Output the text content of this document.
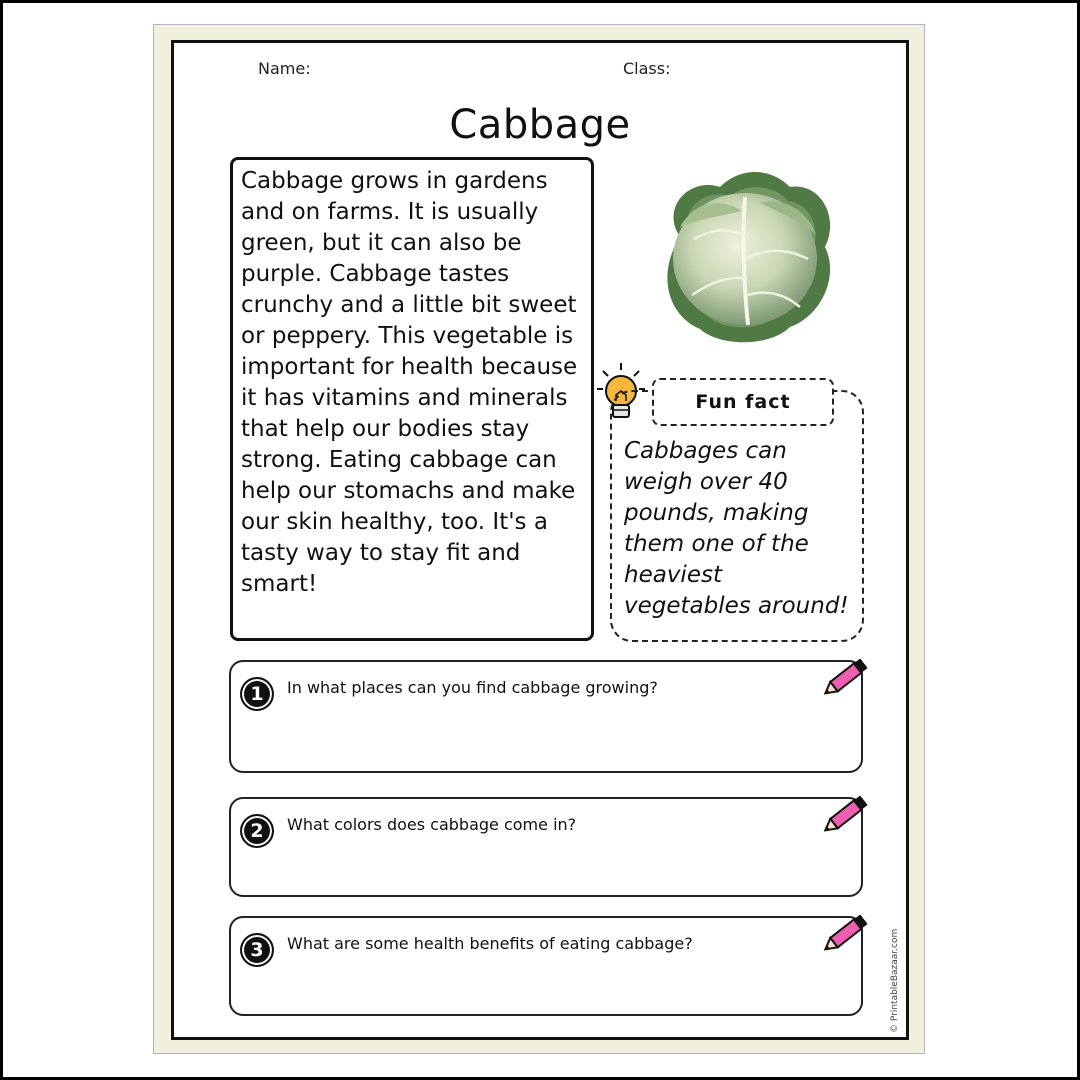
Name:	Class:
Cabbage

Cabbage grows in gardens and on farms. It is usually green, but it can also be purple. Cabbage tastes crunchy and a little bit sweet or peppery. This vegetable is important for health because it has vitamins and minerals that help our bodies stay strong. Eating cabbage can help our stomachs and make our skin healthy, too. It's a tasty way to stay fit and smart!

Cabbages can weigh over 40 pounds, making them one of the heaviest vegetables around!

Fun fact
1	In what places can you find cabbage growing?
2	What colors does cabbage come in?
3	What are some health benefits of eating cabbage?	© PrintableBazaar.com
